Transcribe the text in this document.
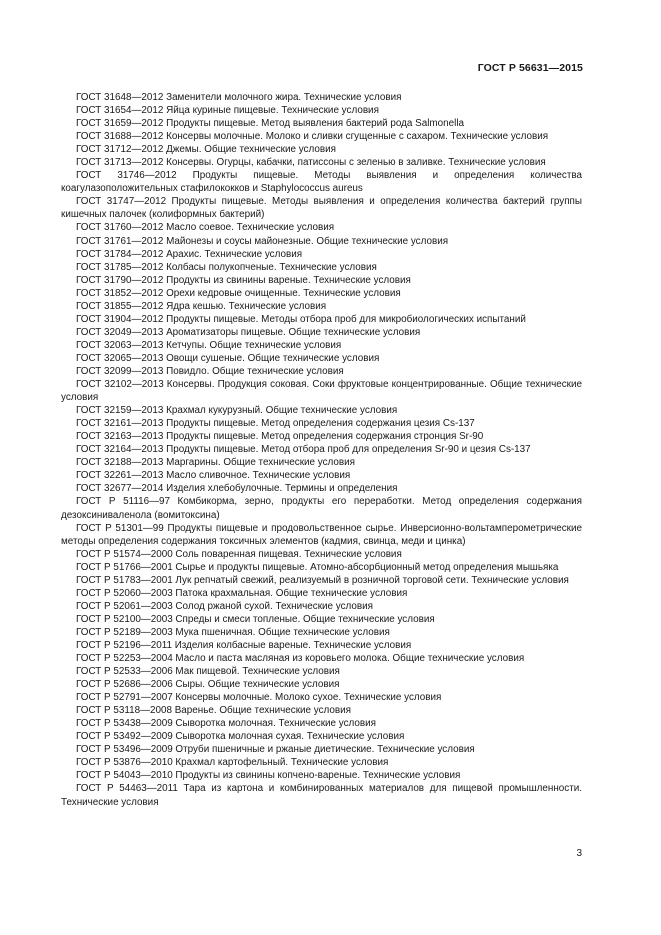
ГОСТ Р 56631—2015

ГОСТ 31648—2012 Заменители молочного жира. Технические условия

ГОСТ 31654—2012 Яйца куриные пищевые. Технические условия

ГОСТ 31659—2012 Продукты пищевые. Метод выявления бактерий рода Salmonella

ГОСТ 31688—2012 Консервы молочные. Молоко и сливки сгущенные с сахаром. Технические условия

ГОСТ 31712—2012 Джемы. Общие технические условия

ГОСТ 31713—2012 Консервы. Огурцы, кабачки, патиссоны с зеленью в заливке. Технические условия

ГОСТ 31746—2012 Продукты пищевые. Методы выявления и определения количества коагулазоположительных стафилококков и Staphylococcus aureus

ГОСТ 31747—2012 Продукты пищевые. Методы выявления и определения количества бактерий группы кишечных палочек (колиформных бактерий)

ГОСТ 31760—2012 Масло соевое. Технические условия

ГОСТ 31761—2012 Майонезы и соусы майонезные. Общие технические условия

ГОСТ 31784—2012 Арахис. Технические условия

ГОСТ 31785—2012 Колбасы полукопченые. Технические условия

ГОСТ 31790—2012 Продукты из свинины вареные. Технические условия

ГОСТ 31852—2012 Орехи кедровые очищенные. Технические условия

ГОСТ 31855—2012 Ядра кешью. Технические условия

ГОСТ 31904—2012 Продукты пищевые. Методы отбора проб для микробиологических испытаний

ГОСТ 32049—2013 Ароматизаторы пищевые. Общие технические условия

ГОСТ 32063—2013 Кетчупы. Общие технические условия

ГОСТ 32065—2013 Овощи сушеные. Общие технические условия

ГОСТ 32099—2013 Повидло. Общие технические условия

ГОСТ 32102—2013 Консервы. Продукция соковая. Соки фруктовые концентрированные. Общие технические условия

ГОСТ 32159—2013 Крахмал кукурузный. Общие технические условия

ГОСТ 32161—2013 Продукты пищевые. Метод определения содержания цезия Cs-137

ГОСТ 32163—2013 Продукты пищевые. Метод определения содержания стронция Sr-90

ГОСТ 32164—2013 Продукты пищевые. Метод отбора проб для определения Sr-90 и цезия Cs-137

ГОСТ 32188—2013 Маргарины. Общие технические условия

ГОСТ 32261—2013 Масло сливочное. Технические условия

ГОСТ 32677—2014 Изделия хлебобулочные. Термины и определения

ГОСТ Р 51116—97 Комбикорма, зерно, продукты его переработки. Метод определения содержания дезоксиниваленола (вомитоксина)

ГОСТ Р 51301—99 Продукты пищевые и продовольственное сырье. Инверсионно-вольтамперометрические методы определения содержания токсичных элементов (кадмия, свинца, меди и цинка)

ГОСТ Р 51574—2000 Соль поваренная пищевая. Технические условия

ГОСТ Р 51766—2001 Сырье и продукты пищевые. Атомно-абсорбционный метод определения мышьяка

ГОСТ Р 51783—2001 Лук репчатый свежий, реализуемый в розничной торговой сети. Технические условия

ГОСТ Р 52060—2003 Патока крахмальная. Общие технические условия

ГОСТ Р 52061—2003 Солод ржаной сухой. Технические условия

ГОСТ Р 52100—2003 Спреды и смеси топленые. Общие технические условия

ГОСТ Р 52189—2003 Мука пшеничная. Общие технические условия

ГОСТ Р 52196—2011 Изделия колбасные вареные. Технические условия

ГОСТ Р 52253—2004 Масло и паста масляная из коровьего молока. Общие технические условия

ГОСТ Р 52533—2006 Мак пищевой. Технические условия

ГОСТ Р 52686—2006 Сыры. Общие технические условия

ГОСТ Р 52791—2007 Консервы молочные. Молоко сухое. Технические условия

ГОСТ Р 53118—2008 Варенье. Общие технические условия

ГОСТ Р 53438—2009 Сыворотка молочная. Технические условия

ГОСТ Р 53492—2009 Сыворотка молочная сухая. Технические условия

ГОСТ Р 53496—2009 Отруби пшеничные и ржаные диетические. Технические условия

ГОСТ Р 53876—2010 Крахмал картофельный. Технические условия

ГОСТ Р 54043—2010 Продукты из свинины копчено-вареные. Технические условия

ГОСТ Р 54463—2011 Тара из картона и комбинированных материалов для пищевой промышленности. Технические условия

3
